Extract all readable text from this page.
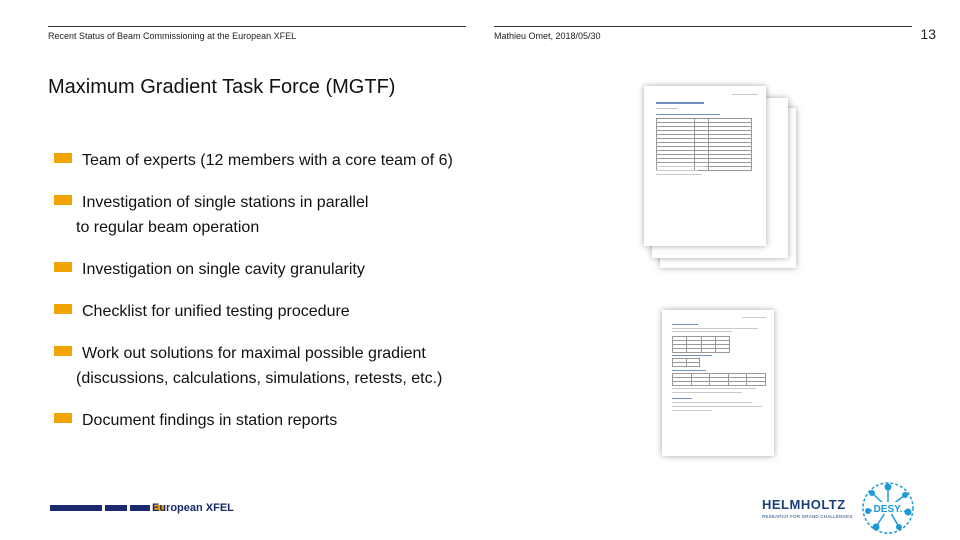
Recent Status of Beam Commissioning at the European XFEL	Mathieu Omet, 2018/05/30	13
Maximum Gradient Task Force (MGTF)
Team of experts (12 members with a core team of 6)
Investigation of single stations in parallel
to regular beam operation
Investigation on single cavity granularity
Checklist for unified testing procedure
Work out solutions for maximal possible gradient
(discussions, calculations, simulations, retests, etc.)
Document findings in station reports

European XFEL	HELMHOLTZ
RESEARCH FOR GRAND CHALLENGES
DESY.
